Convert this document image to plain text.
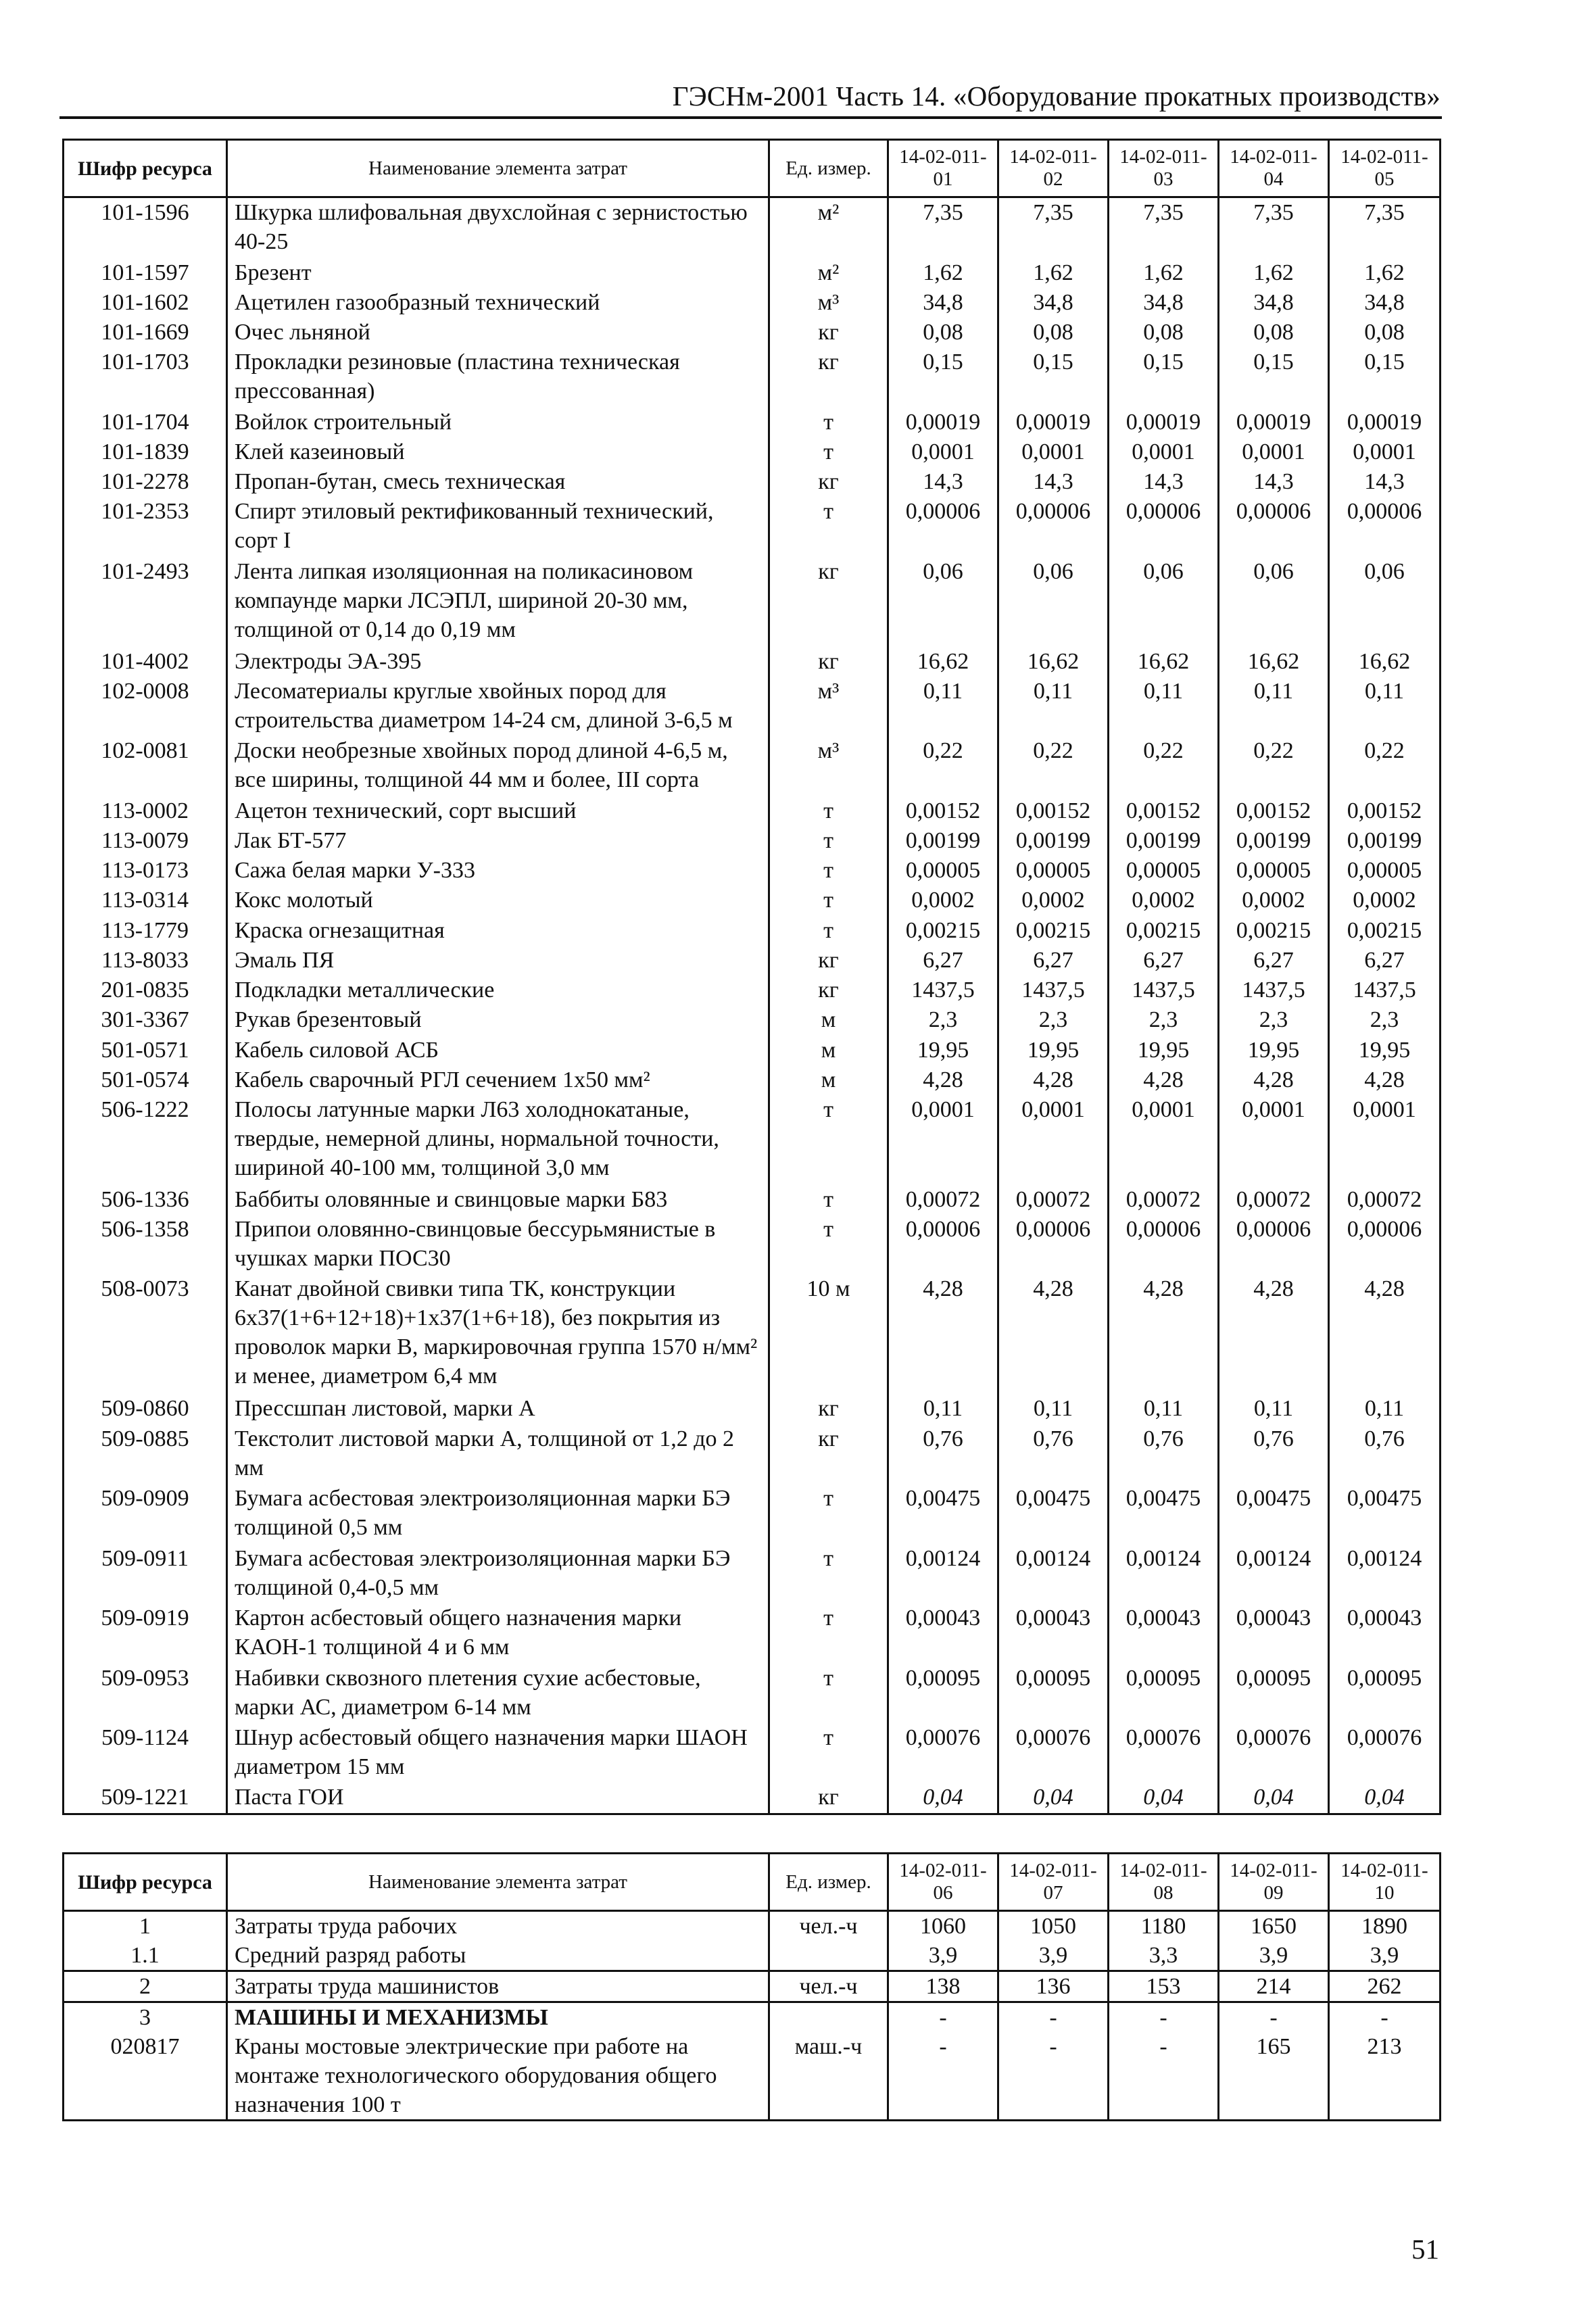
ГЭСНм-2001 Часть 14. «Оборудование прокатных производств»
Шифр ресурса	Наименование элемента затрат	Ед. измер.	14-02-011-01	14-02-011-02	14-02-011-03	14-02-011-04	14-02-011-05
101-1596	Шкурка шлифовальная двухслойная с зернистостью 40-25	м²	7,35	7,35	7,35	7,35	7,35
101-1597	Брезент	м²	1,62	1,62	1,62	1,62	1,62
101-1602	Ацетилен газообразный технический	м³	34,8	34,8	34,8	34,8	34,8
101-1669	Очес льняной	кг	0,08	0,08	0,08	0,08	0,08
101-1703	Прокладки резиновые (пластина техническая прессованная)	кг	0,15	0,15	0,15	0,15	0,15
101-1704	Войлок строительный	т	0,00019	0,00019	0,00019	0,00019	0,00019
101-1839	Клей казеиновый	т	0,0001	0,0001	0,0001	0,0001	0,0001
101-2278	Пропан-бутан, смесь техническая	кг	14,3	14,3	14,3	14,3	14,3
101-2353	Спирт этиловый ректификованный технический, сорт I	т	0,00006	0,00006	0,00006	0,00006	0,00006
101-2493	Лента липкая изоляционная на поликасиновом компаунде марки ЛСЭПЛ, шириной 20-30 мм, толщиной от 0,14 до 0,19 мм	кг	0,06	0,06	0,06	0,06	0,06
101-4002	Электроды ЭА-395	кг	16,62	16,62	16,62	16,62	16,62
102-0008	Лесоматериалы круглые хвойных пород для строительства диаметром 14-24 см, длиной 3-6,5 м	м³	0,11	0,11	0,11	0,11	0,11
102-0081	Доски необрезные хвойных пород длиной 4-6,5 м, все ширины, толщиной 44 мм и более, III сорта	м³	0,22	0,22	0,22	0,22	0,22
113-0002	Ацетон технический, сорт высший	т	0,00152	0,00152	0,00152	0,00152	0,00152
113-0079	Лак БТ-577	т	0,00199	0,00199	0,00199	0,00199	0,00199
113-0173	Сажа белая марки У-333	т	0,00005	0,00005	0,00005	0,00005	0,00005
113-0314	Кокс молотый	т	0,0002	0,0002	0,0002	0,0002	0,0002
113-1779	Краска огнезащитная	т	0,00215	0,00215	0,00215	0,00215	0,00215
113-8033	Эмаль ПЯ	кг	6,27	6,27	6,27	6,27	6,27
201-0835	Подкладки металлические	кг	1437,5	1437,5	1437,5	1437,5	1437,5
301-3367	Рукав брезентовый	м	2,3	2,3	2,3	2,3	2,3
501-0571	Кабель силовой АСБ	м	19,95	19,95	19,95	19,95	19,95
501-0574	Кабель сварочный РГЛ сечением 1х50 мм²	м	4,28	4,28	4,28	4,28	4,28
506-1222	Полосы латунные марки Л63 холоднокатаные, твердые, немерной длины, нормальной точности, шириной 40-100 мм, толщиной 3,0 мм	т	0,0001	0,0001	0,0001	0,0001	0,0001
506-1336	Баббиты оловянные и свинцовые марки Б83	т	0,00072	0,00072	0,00072	0,00072	0,00072
506-1358	Припои оловянно-свинцовые бессурьмянистые в чушках марки ПОС30	т	0,00006	0,00006	0,00006	0,00006	0,00006
508-0073	Канат двойной свивки типа ТК, конструкции 6х37(1+6+12+18)+1х37(1+6+18), без покрытия из проволок марки В, маркировочная группа 1570 н/мм² и менее, диаметром 6,4 мм	10 м	4,28	4,28	4,28	4,28	4,28
509-0860	Прессшпан листовой, марки А	кг	0,11	0,11	0,11	0,11	0,11
509-0885	Текстолит листовой марки А, толщиной от 1,2 до 2 мм	кг	0,76	0,76	0,76	0,76	0,76
509-0909	Бумага асбестовая электроизоляционная марки БЭ толщиной 0,5 мм	т	0,00475	0,00475	0,00475	0,00475	0,00475
509-0911	Бумага асбестовая электроизоляционная марки БЭ толщиной 0,4-0,5 мм	т	0,00124	0,00124	0,00124	0,00124	0,00124
509-0919	Картон асбестовый общего назначения марки КАОН-1 толщиной 4 и 6 мм	т	0,00043	0,00043	0,00043	0,00043	0,00043
509-0953	Набивки сквозного плетения сухие асбестовые, марки АС, диаметром 6-14 мм	т	0,00095	0,00095	0,00095	0,00095	0,00095
509-1124	Шнур асбестовый общего назначения марки ШАОН диаметром 15 мм	т	0,00076	0,00076	0,00076	0,00076	0,00076
509-1221	Паста ГОИ	кг	0,04	0,04	0,04	0,04	0,04
Шифр ресурса	Наименование элемента затрат	Ед. измер.	14-02-011-06	14-02-011-07	14-02-011-08	14-02-011-09	14-02-011-10
1	Затраты труда рабочих	чел.-ч	1060	1050	1180	1650	1890
1.1	Средний разряд работы		3,9	3,9	3,3	3,9	3,9
2	Затраты труда машинистов	чел.-ч	138	136	153	214	262
3	МАШИНЫ И МЕХАНИЗМЫ		-	-	-	-	-
020817	Краны мостовые электрические при работе на монтаже технологического оборудования общего назначения 100 т	маш.-ч	-	-	-	165	213
51
